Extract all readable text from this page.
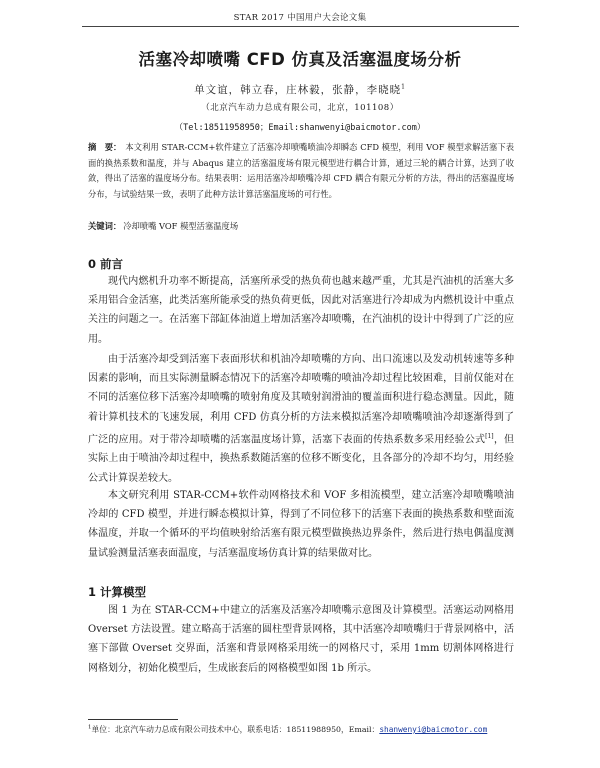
STAR 2017 中国用户大会论文集
活塞冷却喷嘴 CFD 仿真及活塞温度场分析
单文谊，韩立春，庄林毅，张静，李晓晓$^1$
（北京汽车动力总成有限公司，北京，101108）
（Tel:18511958950；Email:shanwenyi@baicmotor.com）
摘　要： 本文利用 STAR-CCM+软件建立了活塞冷却喷嘴喷油冷却瞬态 CFD 模型，利用 VOF 模型求解活塞下表面的换热系数和温度，并与 Abaqus 建立的活塞温度场有限元模型进行耦合计算，通过三轮的耦合计算，达到了收敛，得出了活塞的温度场分布。结果表明：运用活塞冷却喷嘴冷却 CFD 耦合有限元分析的方法，得出的活塞温度场分布，与试验结果一致，表明了此种方法计算活塞温度场的可行性。
关键词： 冷却喷嘴 VOF 模型活塞温度场
0 前言

现代内燃机升功率不断提高，活塞所承受的热负荷也越来越严重，尤其是汽油机的活塞大多采用铝合金活塞，此类活塞所能承受的热负荷更低，因此对活塞进行冷却成为内燃机设计中重点关注的问题之一。在活塞下部缸体油道上增加活塞冷却喷嘴，在汽油机的设计中得到了广泛的应用。

由于活塞冷却受到活塞下表面形状和机油冷却喷嘴的方向、出口流速以及发动机转速等多种因素的影响，而且实际测量瞬态情况下的活塞冷却喷嘴的喷油冷却过程比较困难，目前仅能对在不同的活塞位移下活塞冷却喷嘴的喷射角度及其喷射润滑油的覆盖面积进行稳态测量。因此，随着计算机技术的飞速发展，利用 CFD 仿真分析的方法来模拟活塞冷却喷嘴喷油冷却逐渐得到了广泛的应用。对于带冷却喷嘴的活塞温度场计算，活塞下表面的传热系数多采用经验公式[1]，但实际上由于喷油冷却过程中，换热系数随活塞的位移不断变化，且各部分的冷却不均匀，用经验公式计算误差较大。

本文研究利用 STAR-CCM+软件动网格技术和 VOF 多相流模型，建立活塞冷却喷嘴喷油冷却的 CFD 模型，并进行瞬态模拟计算，得到了不同位移下的活塞下表面的换热系数和壁面流体温度，并取一个循环的平均值映射给活塞有限元模型做换热边界条件，然后进行热电偶温度测量试验测量活塞表面温度，与活塞温度场仿真计算的结果做对比。

1 计算模型

图 1 为在 STAR-CCM+中建立的活塞及活塞冷却喷嘴示意图及计算模型。活塞运动网格用 Overset 方法设置。建立略高于活塞的圆柱型背景网格，其中活塞冷却喷嘴归于背景网格中，活塞下部做 Overset 交界面，活塞和背景网格采用统一的网格尺寸，采用 1mm 切割体网格进行网格划分，初始化模型后，生成嵌套后的网格模型如图 1b 所示。

$^1$单位：北京汽车动力总成有限公司技术中心，联系电话：18511988950，Email：shanwenyi@baicmotor.com
